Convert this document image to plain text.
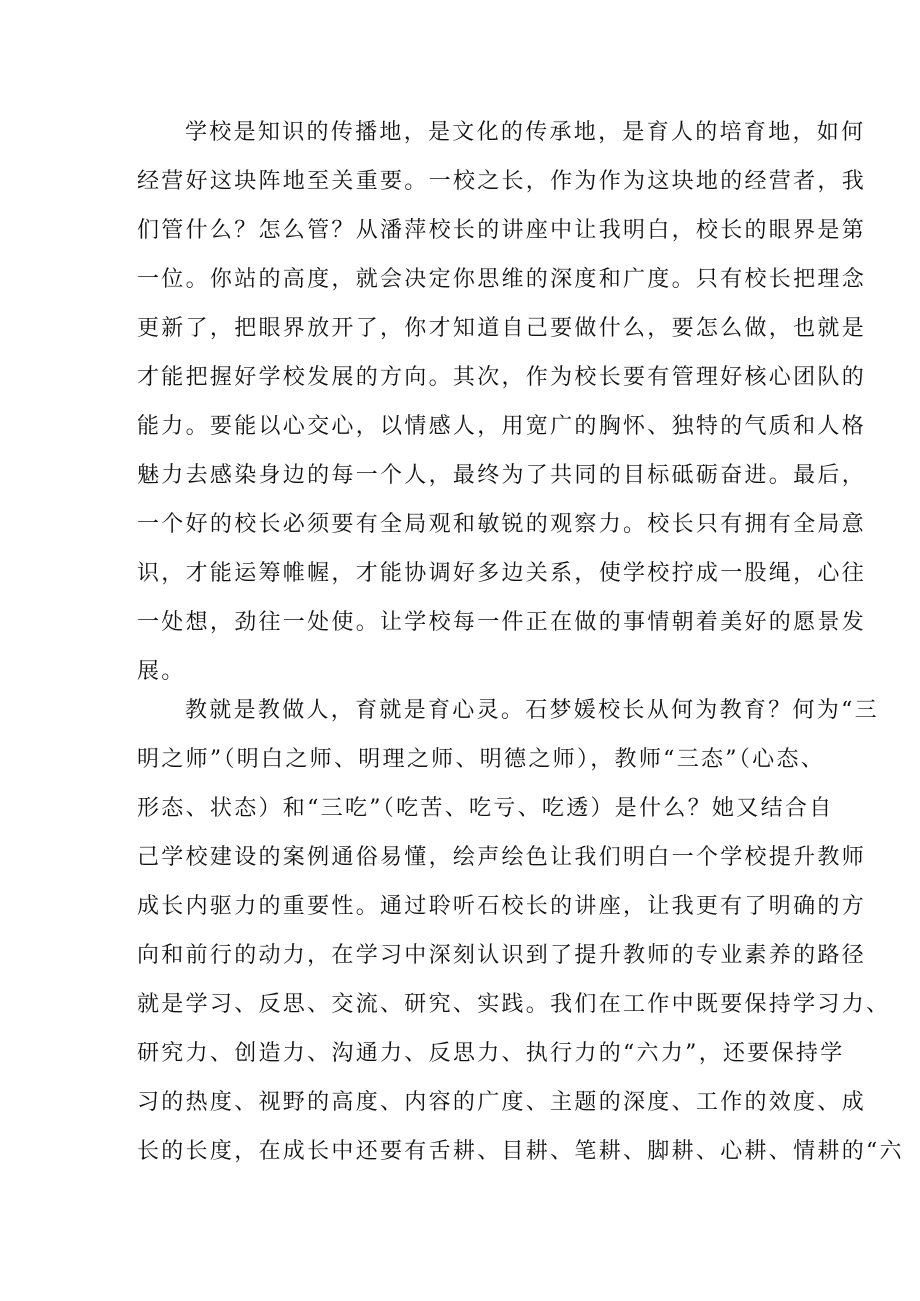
学校是知识的传播地，是文化的传承地，是育人的培育地，如何
经营好这块阵地至关重要。一校之长，作为作为这块地的经营者，我
们管什么？怎么管？从潘萍校长的讲座中让我明白，校长的眼界是第
一位。你站的高度，就会决定你思维的深度和广度。只有校长把理念
更新了，把眼界放开了，你才知道自己要做什么，要怎么做，也就是
才能把握好学校发展的方向。其次，作为校长要有管理好核心团队的
能力。要能以心交心，以情感人，用宽广的胸怀、独特的气质和人格
魅力去感染身边的每一个人，最终为了共同的目标砥砺奋进。最后，
一个好的校长必须要有全局观和敏锐的观察力。校长只有拥有全局意
识，才能运筹帷幄，才能协调好多边关系，使学校拧成一股绳，心往
一处想，劲往一处使。让学校每一件正在做的事情朝着美好的愿景发
展。
教就是教做人，育就是育心灵。石梦媛校长从何为教育？何为“三
明之师”（明白之师、明理之师、明德之师），教师“三态”（心态、
形态、状态）和“三吃”（吃苦、吃亏、吃透）是什么？她又结合自
己学校建设的案例通俗易懂，绘声绘色让我们明白一个学校提升教师
成长内驱力的重要性。通过聆听石校长的讲座，让我更有了明确的方
向和前行的动力，在学习中深刻认识到了提升教师的专业素养的路径
就是学习、反思、交流、研究、实践。我们在工作中既要保持学习力、
研究力、创造力、沟通力、反思力、执行力的“六力”，还要保持学
习的热度、视野的高度、内容的广度、主题的深度、工作的效度、成
长的长度，在成长中还要有舌耕、目耕、笔耕、脚耕、心耕、情耕的“六
